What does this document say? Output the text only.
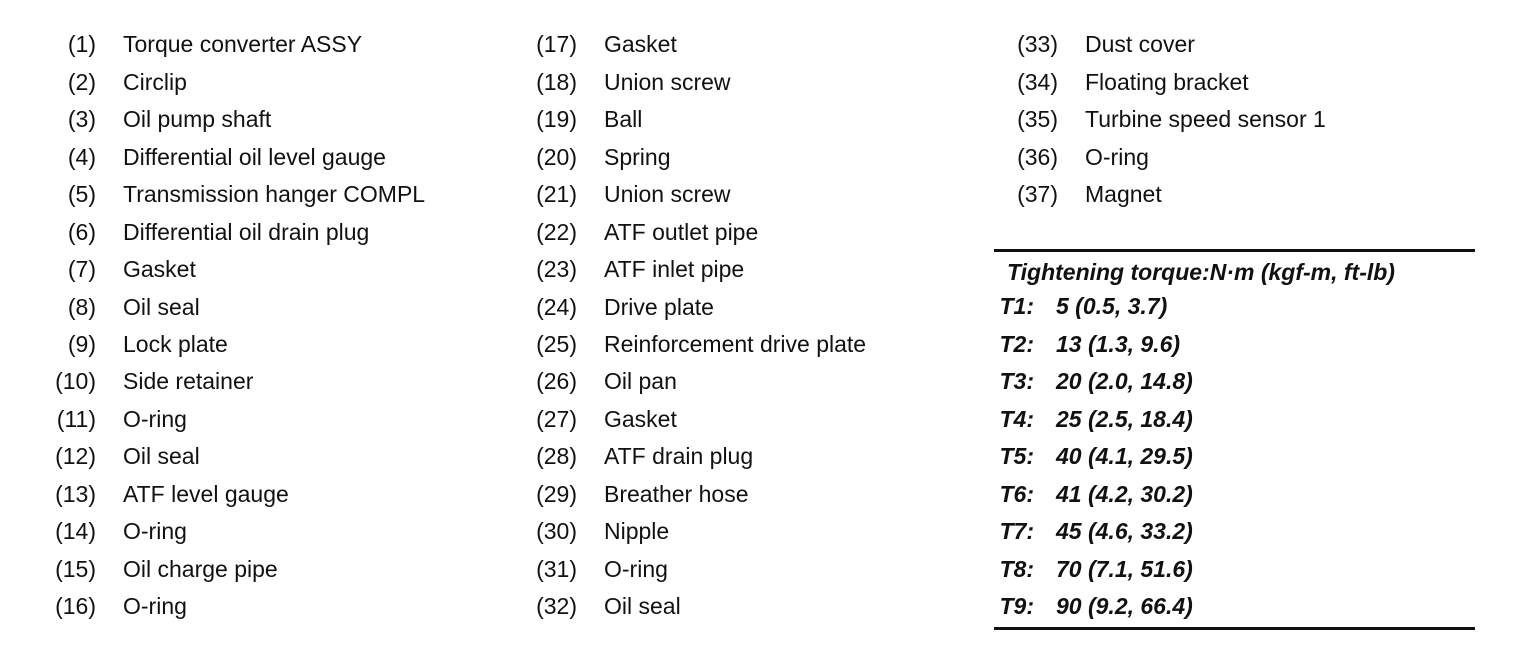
(1)	Torque converter ASSY
(2)	Circlip
(3)	Oil pump shaft
(4)	Differential oil level gauge
(5)	Transmission hanger COMPL
(6)	Differential oil drain plug
(7)	Gasket
(8)	Oil seal
(9)	Lock plate
(10)	Side retainer
(11)	O-ring
(12)	Oil seal
(13)	ATF level gauge
(14)	O-ring
(15)	Oil charge pipe
(16)	O-ring
(17)	Gasket
(18)	Union screw
(19)	Ball
(20)	Spring
(21)	Union screw
(22)	ATF outlet pipe
(23)	ATF inlet pipe
(24)	Drive plate
(25)	Reinforcement drive plate
(26)	Oil pan
(27)	Gasket
(28)	ATF drain plug
(29)	Breather hose
(30)	Nipple
(31)	O-ring
(32)	Oil seal
(33)	Dust cover
(34)	Floating bracket
(35)	Turbine speed sensor 1
(36)	O-ring
(37)	Magnet
Tightening torque:N·m (kgf-m, ft-lb)
T1: 5 (0.5, 3.7)
T2: 13 (1.3, 9.6)
T3: 20 (2.0, 14.8)
T4: 25 (2.5, 18.4)
T5: 40 (4.1, 29.5)
T6: 41 (4.2, 30.2)
T7: 45 (4.6, 33.2)
T8: 70 (7.1, 51.6)
T9: 90 (9.2, 66.4)
